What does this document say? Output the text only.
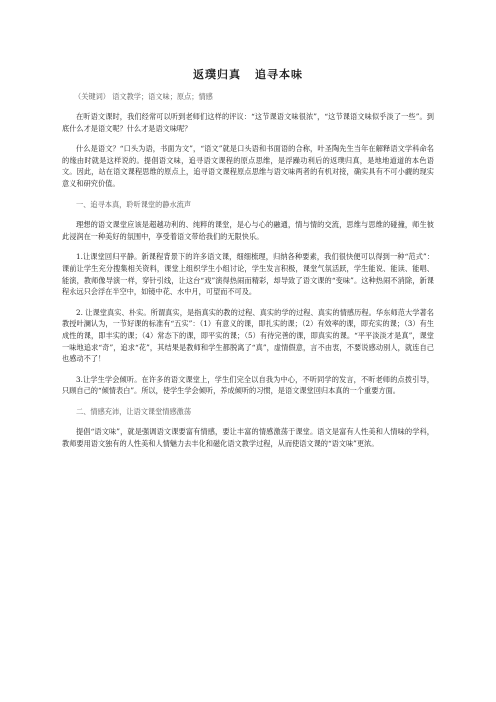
返璞归真 追寻本味
（关键词） 语文教学；语文味；原点；情感

在听语文课时，我们经常可以听到老师们这样的评议：“这节课语文味很浓”，“这节课语文味似乎淡了一些”。到底什么才是语文呢？什么才是语文味呢？

什么是语文？“口头为语，书面为文”，“语文”就是口头语和书面语的合称，叶圣陶先生当年在解释语文学科命名的缘由时就是这样说的。提倡语文味，追寻语文课程的原点思维，是浮躁功利后的返璞归真，是地地道道的本色语文。因此，站在语文课程思维的原点上，追寻语文课程原点思维与语文味两者的有机对接，确实具有不可小觑的现实意义和研究价值。

一、追寻本真，聆听课堂的静水流声

理想的语文课堂应该是超越功利的、纯粹的课堂，是心与心的融通，情与情的交流，思维与思维的碰撞，师生彼此浸润在一种美好的氛围中，享受着语文带给我们的无限快乐。

1.让课堂回归平静。新课程背景下的许多语文课，细细梳理，归纳各种要素，我们很快便可以得到一种“范式”：课前让学生充分搜集相关资料，课堂上组织学生小组讨论，学生发言积极，课堂气氛活跃，学生能说、能读、能唱、能演，教师像导演一样，穿针引线，让这台“戏”演得热闹而精彩，却导致了语文课的“变味”。这种热闹不消除，新课程永远只会浮在半空中，如镜中花、水中月，可望而不可及。

2. 让课堂真实、朴实。所谓真实，是指真实的教的过程、真实的学的过程、真实的情感历程。华东师范大学著名教授叶澜认为，一节好课的标准有“五实”：（1）有意义的课，即扎实的课；（2）有效率的课，即充实的课；（3）有生成性的课，即丰实的课；（4）常态下的课，即平实的课；（5）有待完善的课，即真实的课。“平平淡淡才是真”，课堂一味地追求“奇”，追求“花”，其结果是教师和学生都脱离了“真”，虚情假意，言不由衷，不要说感动别人，就连自己也感动不了！

3.让学生学会倾听。在许多的语文课堂上，学生们完全以自我为中心，不听同学的发言，不听老师的点拨引导，只顾自己的“倾情表白”。所以，使学生学会倾听，养成倾听的习惯，是语文课堂回归本真的一个重要方面。

二、情感充沛，让语文课堂情感激荡

提倡“语文味”，就是强调语文课要富有情感，要让丰富的情感激荡于课堂。语文是富有人性美和人情味的学科，教师要用语文独有的人性美和人情魅力去丰化和磁化语文教学过程，从而使语文课的“语文味”更浓。
